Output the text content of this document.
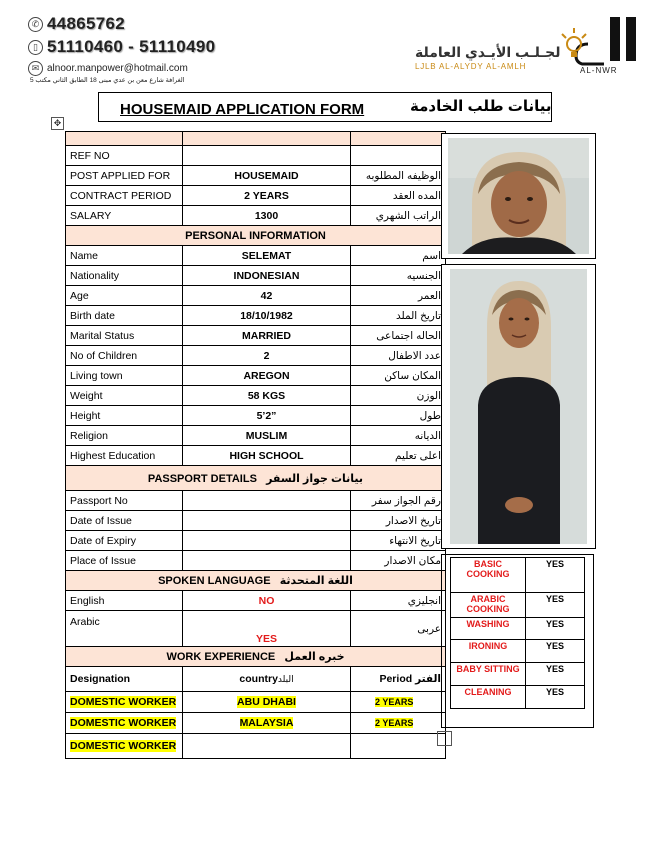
✆ 44865762
▯ 51110460 - 51110490
✉ alnoor.manpower@hotmail.com
الغرافة شارع معن بن عدي مبنى 18 الطابق الثاني مكتب 5
لجـلـب الأيـدي العاملة
LJLB AL-ALYDY AL-AMLH	AL-NWR
HOUSEMAID APPLICATION FORM	بيانات طلب الخادمة
✥

REF NO		
POST APPLIED FOR	HOUSEMAID	الوظيفه المطلوبه
CONTRACT PERIOD	2 YEARS	المده العقد
SALARY	1300	الراتب الشهري
PERSONAL INFORMATION		
Name	SELEMAT	اسم
Nationality	INDONESIAN	الجنسيه
Age	42	العمر
Birth date	18/10/1982	تاريخ الملد
Marital Status	MARRIED	الحاله اجتماعى
No of Children	2	عدد الاطفال
Living town	AREGON	المكان ساكن
Weight	58 KGS	الوزن
Height	5’2”	طول
Religion	MUSLIM	الديانه
Highest Education	HIGH SCHOOL	اعلى تعليم
PASSPORT DETAILS بيانات جواز السفر		
Passport No		رقم الجواز سفر
Date of Issue		تاريخ الاصدار
Date of Expiry		تاريخ الانتهاء
Place of Issue		مكان الاصدار
SPOKEN LANGUAGE اللغة المتحدثة		
English	NO	انجليزي
Arabic	YES	عربى
WORK EXPERIENCE خبره العمل		
Designation	countryالبلد	الفتر Period
DOMESTIC WORKER	ABU DHABI	2 YEARS
DOMESTIC WORKER	MALAYSIA	2 YEARS
DOMESTIC WORKER		
BASIC COOKING	YES
ARABIC COOKING	YES
WASHING	YES
IRONING	YES
BABY SITTING	YES
CLEANING	YES
